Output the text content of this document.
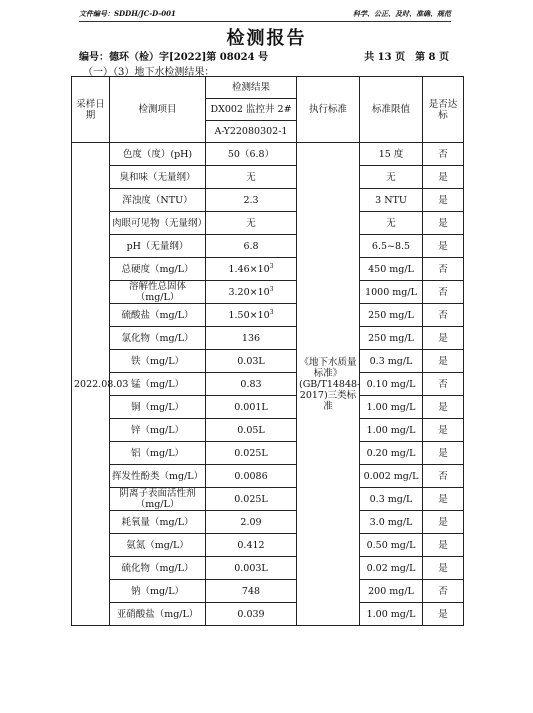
文件编号：SDDH/JC-D-001	科学、公正、及时、准确、规范
检测报告
编号：德环（检）字[2022]第 08024 号	共 13 页　第 8 页
（一）（3）地下水检测结果：
采样日期	检测项目	检测结果	执行标准	标准限值	是否达标
		DX002 监控井 2#			
		A-Y22080302-1			
2022.08.03	色度（度）(pH)	50（6.8）	《地下水质量标准》(GB/T14848-2017)三类标准	15 度	否
	臭和味（无量纲）	无		无	是
	浑浊度（NTU）	2.3		3 NTU	是
	肉眼可见物（无量纲）	无		无	是
	pH（无量纲）	6.8		6.5~8.5	是
	总硬度（mg/L）	$1.46\times 10^3$		450 mg/L	否
	溶解性总固体（mg/L）	$3.20\times 10^3$		1000 mg/L	否
	硫酸盐（mg/L）	$1.50\times 10^3$		250 mg/L	否
	氯化物（mg/L）	136		250 mg/L	是
	铁（mg/L）	0.03L		0.3 mg/L	是
	锰（mg/L）	0.83		0.10 mg/L	否
	铜（mg/L）	0.001L		1.00 mg/L	是
	锌（mg/L）	0.05L		1.00 mg/L	是
	铝（mg/L）	0.025L		0.20 mg/L	是
	挥发性酚类（mg/L）	0.0086		0.002 mg/L	否
	阴离子表面活性剂（mg/L）	0.025L		0.3 mg/L	是
	耗氧量（mg/L）	2.09		3.0 mg/L	是
	氨氮（mg/L）	0.412		0.50 mg/L	是
	硫化物（mg/L）	0.003L		0.02 mg/L	是
	钠（mg/L）	748		200 mg/L	否
	亚硝酸盐（mg/L）	0.039		1.00 mg/L	是
